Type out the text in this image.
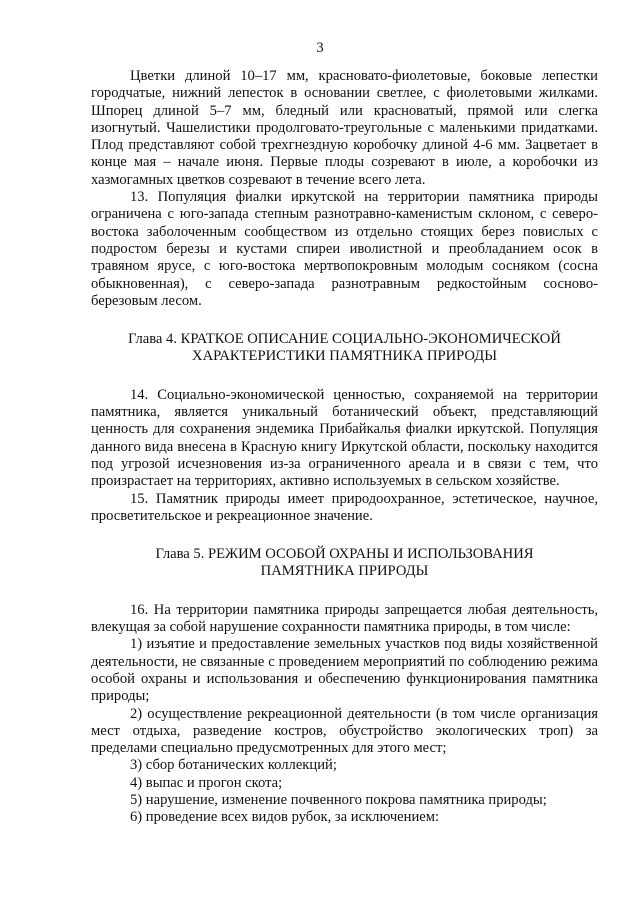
3

Цветки длиной 10–17 мм, красновато-фиолетовые, боковые лепестки городчатые, нижний лепесток в основании светлее, с фиолетовыми жилками. Шпорец длиной 5–7 мм, бледный или красноватый, прямой или слегка изогнутый. Чашелистики продолговато-треугольные с маленькими придатками. Плод представляют собой трехгнездную коробочку длиной 4-6 мм. Зацветает в конце мая – начале июня. Первые плоды созревают в июле, а коробочки из хазмогамных цветков созревают в течение всего лета.

13. Популяция фиалки иркутской на территории памятника природы ограничена с юго-запада степным разнотравно-каменистым склоном, с северо-востока заболоченным сообществом из отдельно стоящих берез повислых с подростом березы и кустами спиреи иволистной и преобладанием осок в травяном ярусе, с юго-востока мертвопокровным молодым сосняком (сосна обыкновенная), с северо-запада разнотравным редкостойным сосново-березовым лесом.

Глава 4. КРАТКОЕ ОПИСАНИЕ СОЦИАЛЬНО-ЭКОНОМИЧЕСКОЙ
ХАРАКТЕРИСТИКИ ПАМЯТНИКА ПРИРОДЫ

14. Социально-экономической ценностью, сохраняемой на территории памятника, является уникальный ботанический объект, представляющий ценность для сохранения эндемика Прибайкалья фиалки иркутской. Популяция данного вида внесена в Красную книгу Иркутской области, поскольку находится под угрозой исчезновения из-за ограниченного ареала и в связи с тем, что произрастает на территориях, активно используемых в сельском хозяйстве.

15. Памятник природы имеет природоохранное, эстетическое, научное, просветительское и рекреационное значение.

Глава 5. РЕЖИМ ОСОБОЙ ОХРАНЫ И ИСПОЛЬЗОВАНИЯ
ПАМЯТНИКА ПРИРОДЫ

16. На территории памятника природы запрещается любая деятельность, влекущая за собой нарушение сохранности памятника природы, в том числе:

1) изъятие и предоставление земельных участков под виды хозяйственной деятельности, не связанные с проведением мероприятий по соблюдению режима особой охраны и использования и обеспечению функционирования памятника природы;

2) осуществление рекреационной деятельности (в том числе организация мест отдыха, разведение костров, обустройство экологических троп) за пределами специально предусмотренных для этого мест;

3) сбор ботанических коллекций;

4) выпас и прогон скота;

5) нарушение, изменение почвенного покрова памятника природы;

6) проведение всех видов рубок, за исключением:
